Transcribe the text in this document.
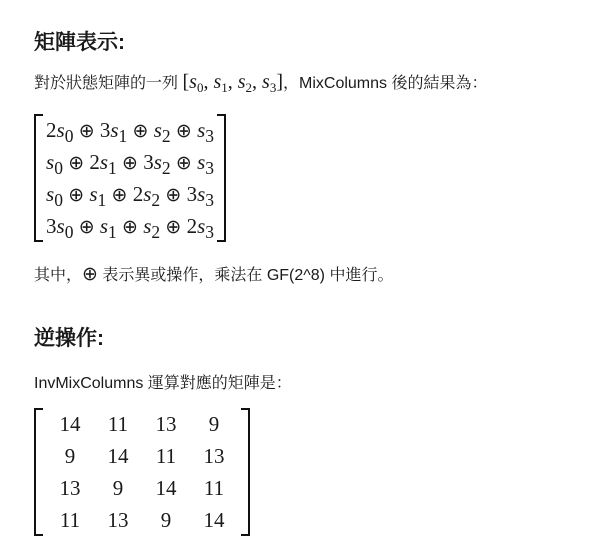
矩陣表示:

對於狀態矩陣的一列 [$s_0$, $s_1$, $s_2$, $s_3$]，MixColumns 後的結果為：

$2s_0$ ⊕ $3s_1$ ⊕ $s_2$ ⊕ $s_3$
$s_0$ ⊕ $2s_1$ ⊕ $3s_2$ ⊕ $s_3$
$s_0$ ⊕ $s_1$ ⊕ $2s_2$ ⊕ $3s_3$
$3s_0$ ⊕ $s_1$ ⊕ $s_2$ ⊕ $2s_3$

其中，⊕ 表示異或操作，乘法在 GF(2^8) 中進行。

逆操作:

InvMixColumns 運算對應的矩陣是：

14 11 13 9
9 14 11 13
13 9 14 11
11 13 9 14
